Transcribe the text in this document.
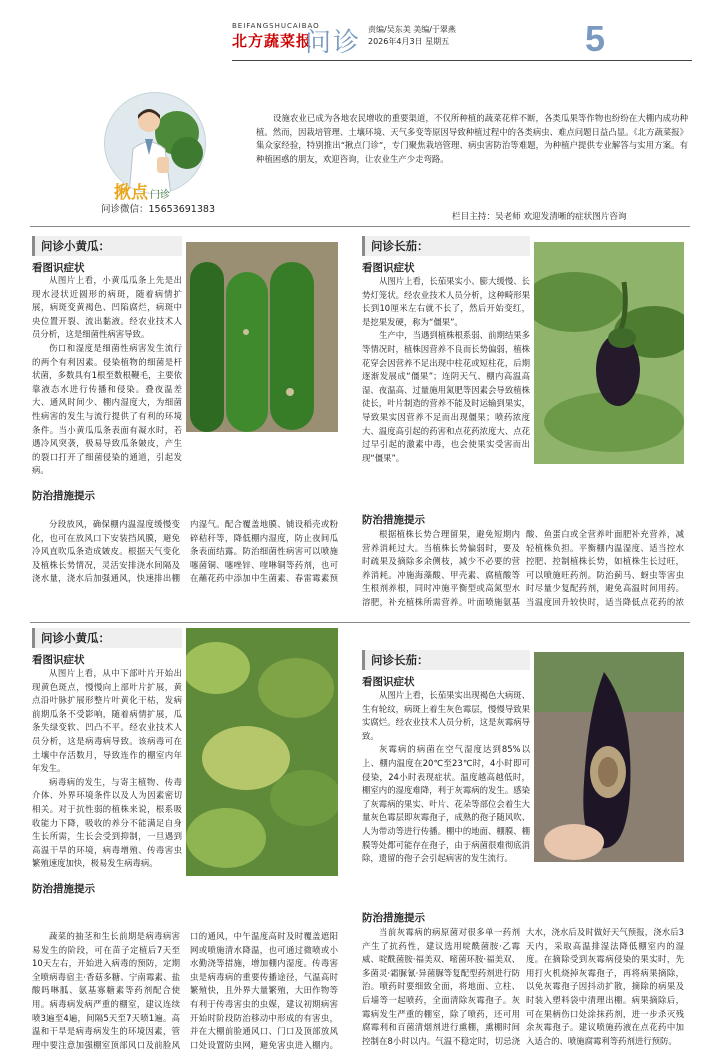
BEIFANGSHUCAIBAO
北方蔬菜报
问诊 责编/吴东美 美编/于翠燕
2026年4月3日 星期五	5
揪点 门诊
问诊微信：15653691383
设施农业已成为各地农民增收的重要渠道，不仅所种植的蔬菜花样不断，各类瓜果等作物也纷纷在大棚内成功种植。然而，因栽培管理、土壤环境、天气多变等原因导致种植过程中的各类病虫、难点问题日益凸显。《北方蔬菜报》集众家经验，特别推出“揪点门诊”，专门聚焦栽培管理、病虫害防治等难题，为种植户提供专业解答与实用方案。有种植困惑的朋友，欢迎咨询，让农业生产少走弯路。
栏目主持：吴老师 欢迎发清晰的症状图片咨询
问诊小黄瓜：
看图识症状

从图片上看，小黄瓜瓜条上先是出现水浸状近圆形的病斑，随着病情扩展，病斑变黄褐色、凹陷腐烂，病斑中央位置开裂、流出黏液。经农业技术人员分析，这是细菌性病害导致。

伤口和湿度是细菌性病害发生流行的两个有利因素。侵染植物的细菌是杆状菌，多数具有1根至数根鞭毛，主要依靠液态水进行传播和侵染。叠夜温差大、通风时间少、棚内湿度大，为细菌性病害的发生与流行提供了有利的环境条件。当小黄瓜瓜条表面有凝水时，若遇冷风突袭，极易导致瓜条皴皮，产生的裂口打开了细菌侵染的通道，引起发病。

防治措施提示

分段放风，确保棚内温湿度缓慢变化，也可在放风口下安装挡风膜，避免冷风直吹瓜条造成皴皮。根据天气变化及植株长势情况，灵活安排浇水间隔及浇水量，浇水后加强通风，快速排出棚内湿气。配合覆盖地膜、铺设稻壳或粉碎秸秆等，降低棚内湿度，防止夜间瓜条表面结露。防治细菌性病害可以喷施噻菌铜、噻唑锌、喹啉铜等药剂，也可在蘸花药中添加中生菌素、春雷霉素预

问诊长茄：
看图识症状

从图片上看，长茄果实小、膨大缓慢、长势灯笼状。经农业技术人员分析，这种畸形果长到10厘米左右就不长了，然后开始变红，是挖果发硬，称为“僵果”。

生产中，当遇到植株根系弱、前期结果多等情况时，植株因营养不良而长势偏弱，植株花穿会因营养不足出现中柱花或短柱花，后期逐渐发展成“僵果”；连阴天气、棚内高温高湿、夜温高、过量施用氮肥等因素会导致植株徒长，叶片制造的营养不能及时运输到果实，导致果实因营养不足而出现僵果；喷药浓度大、温度高引起的药害和点花药浓度大、点花过早引起的激素中毒，也会使果实受害而出现“僵果”。

防治措施提示

根据植株长势合理留果，避免短期内营养消耗过大。当植株长势偏弱时，要及时疏果及摘除多余侧枝，减少不必要的营养消耗。冲施海藻酸、甲壳素、腐植酸等生根剂养根，同时冲施平衡型或高氮型水溶肥，补充植株所需营养。叶面喷施氨基酸、鱼蛋白或全营养叶面肥补充营养，减轻植株负担。平衡棚内温湿度、适当控水控肥、控制植株长势，如植株生长过旺，可以喷施旺药剂。防治蓟马、蚜虫等害虫时尽量少复配药剂，避免高温时间用药。当温度回升较快时，适当降低点花药的浓

问诊小黄瓜：
看图识症状

从图片上看，从中下部叶片开始出现黄色斑点，慢慢向上部叶片扩展，黄点沿叶脉扩展形整片叶黄化干枯，发病前期瓜条不受影响，随着病情扩展，瓜条失绿变软、凹凸不平。经农业技术人员分析，这是病毒病导致。该病毒可在土壤中存活数月，导致连作的棚室内年年发生。

病毒病的发生，与寄主植物、传毒介体、外界环境条件以及人为因素密切相关。对于抗性弱的植株来说，根系吸收能力下降，吸收的养分不能满足自身生长所需，生长会受到抑制，一旦遇到高温干旱的环境，病毒增殖、传毒害虫繁殖速度加快，极易发生病毒病。

防治措施提示

蔬菜的抽茎和生长前期是病毒病害易发生的阶段，可在苗子定植后7天至10天左右，开始进入病毒的预防，定期全喷病毒宿主·香菇多糖、宁南霉素、盐酸吗啉胍、氨基寡糖素等药剂配合使用。病毒病发病严重的棚室，建议连续喷3遍至4遍，间隔5天至7天喷1遍。高温和干旱是病毒病发生的环境因素，管理中要注意加强棚室顶部风口及前脸风口的通风，中午温度高时及时覆盖遮阳网或喷施清水降温，也可通过微喷或小水勤浇等措施，增加棚内湿度。传毒害虫是病毒病的重要传播途径，气温高时繁殖快，且外界大量繁殖，大田作物等有利于传毒害虫的虫媒，建议初期病害开始时阶段防治移动中形成的有害虫，并在大棚前脸通风口、门口及顶部放风口处设置防虫网，避免害虫进入棚内。

问诊长茄：
看图识症状

从图片上看，长茄果实出现褐色大病斑、生有轮纹，病斑上着生灰色霉层，慢慢导致果实腐烂。经农业技术人员分析，这是灰霉病导致。

灰霉病的病菌在空气湿度达到85%以上、棚内温度在20℃至23℃时，4小时即可侵染，24小时表现症状。温度越高越低时，棚室内的湿度难降，利于灰霉病的发生。感染了灰霉病的果实、叶片、花朵等部位会着生大量灰色霉层即灰霉孢子，成熟的孢子随风吹、人为带动等进行传播。棚中的地面、棚膜、棚膜等处都可能存在孢子，由于病菌很难彻底消除，遗留的孢子会引起病害的发生流行。

防治措施提示

当前灰霉病的病原菌对很多单一药剂产生了抗药性，建议选用啶酰菌胺·乙霉威、啶酰菌胺·福美双、嘧菌环胺·福美双、多菌灵·霜脲氰·异菌脲等复配型药剂进行防治。喷药时要细致全面，将地面、立柱、后墙等一起喷药，全面清除灰霉孢子。灰霉病发生严重的棚室，除了喷药，还可用腐霉利和百菌清烟剂进行熏棚，熏棚时间控制在8小时以内。气温不稳定时，切忌浇大水，浇水后及时做好天气预报，浇水后3天内，采取高温排湿法降低棚室内的湿度。在摘除受到灰霉病侵染的果实时，先用打火机烧掉灰霉孢子，再将病果摘除，以免灰霉孢子因抖动扩散，摘除的病果及时装入塑料袋中清理出棚。病果摘除后，可在果柄伤口处涂抹药剂，进一步杀灭残余灰霉孢子。建议喷施药液在点花药中加入适合的、喷施腐霉利等药剂进行预防。
